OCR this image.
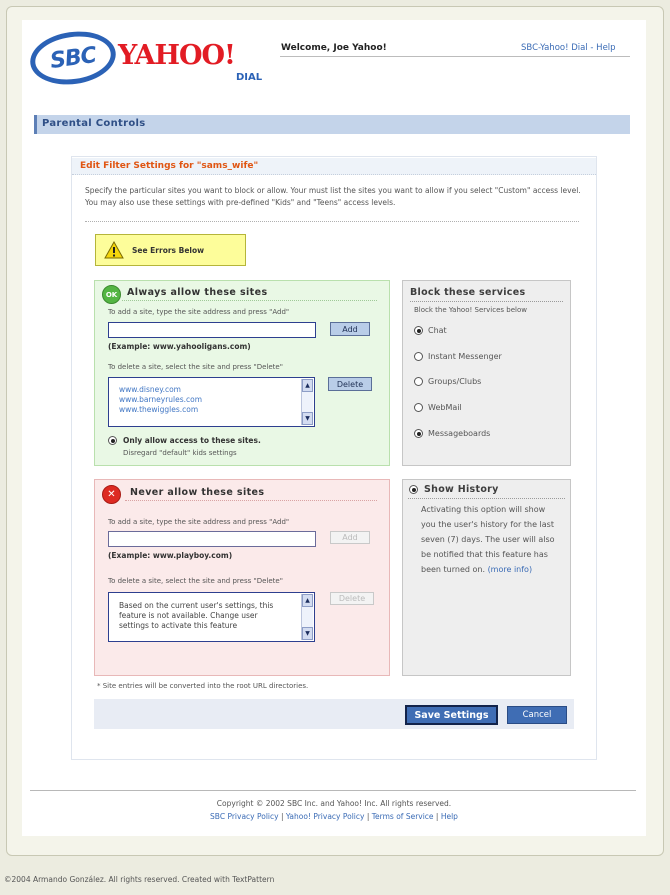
SBC YAHOO!
DIAL
Welcome, Joe Yahoo!	SBC-Yahoo! Dial - Help
Parental Controls
Edit Filter Settings for "sams_wife"
Specify the particular sites you want to block or allow. Your must list the sites you want to allow if you select "Custom" access level. You may also use these settings with pre-defined "Kids" and "Teens" access levels.
See Errors Below
OK Always allow these sites
To add a site, type the site address and press "Add"
Add
(Example: www.yahooligans.com)
To delete a site, select the site and press "Delete"
www.disney.com
www.barneyrules.com
www.thewiggles.com
▲
▼
Delete
Only allow access to these sites.
Disregard "default" kids settings
✕ Never allow these sites
To add a site, type the site address and press "Add"
Add
(Example: www.playboy.com)
To delete a site, select the site and press "Delete"
Based on the current user's settings, this feature is not available. Change user settings to activate this feature
▲
▼
Delete
Block these services
Block the Yahoo! Services below
Chat
Instant Messenger
Groups/Clubs
WebMail
Messageboards
Show History
Activating this option will show you the user's history for the last seven (7) days. The user will also be notified that this feature has been turned on. (more info)
* Site entries will be converted into the root URL directories.
Save Settings	Cancel
Copyright © 2002 SBC Inc. and Yahoo! Inc. All rights reserved.
SBC Privacy Policy | Yahoo! Privacy Policy | Terms of Service | Help
©2004 Armando González. All rights reserved. Created with TextPattern
